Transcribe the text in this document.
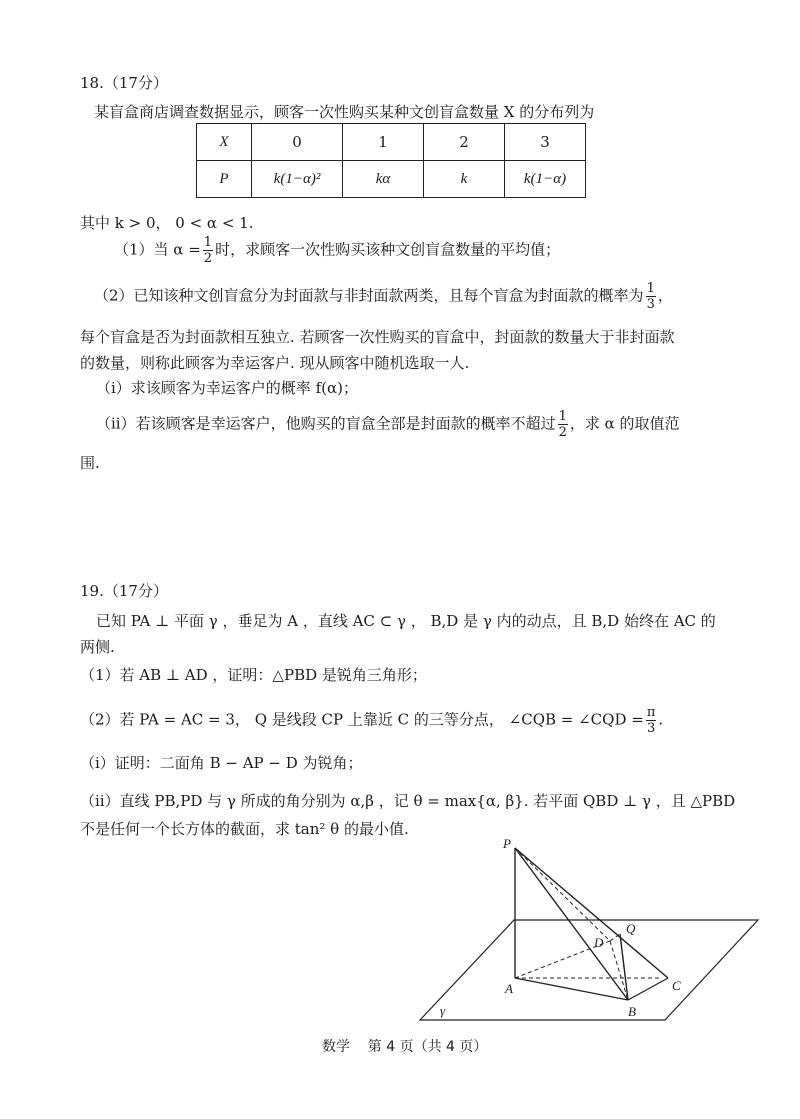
18.（17分）
某盲盒商店调查数据显示，顾客一次性购买某种文创盲盒数量 X 的分布列为
X	0	1	2	3
P	k(1−α)²	kα	k	k(1−α)
其中 k > 0， 0 < α < 1.
（1）当 $\alpha = \frac{1}{2}$ 时，求顾客一次性购买该种文创盲盒数量的平均值；
（2）已知该种文创盲盒分为封面款与非封面款两类，且每个盲盒为封面款的概率为 $\frac{1}{3}$ ，
每个盲盒是否为封面款相互独立. 若顾客一次性购买的盲盒中，封面款的数量大于非封面款
的数量，则称此顾客为幸运客户. 现从顾客中随机选取一人.
（i）求该顾客为幸运客户的概率 f(α)；
（ii）若该顾客是幸运客户，他购买的盲盒全部是封面款的概率不超过 $\frac{1}{2}$ ，求 α 的取值范
围.
19.（17分）
已知 PA ⊥ 平面 γ ，垂足为 A ，直线 AC ⊂ γ ， B,D 是 γ 内的动点，且 B,D 始终在 AC 的
两侧.
（1）若 AB ⊥ AD ，证明：△PBD 是锐角三角形；
（2）若 PA = AC = 3， Q 是线段 CP 上靠近 C 的三等分点， ∠CQB = ∠CQD = $\frac{\pi}{3}$ .
（i）证明：二面角 B − AP − D 为锐角；
（ii）直线 PB,PD 与 γ 所成的角分别为 α,β ，记 θ = max{α, β}. 若平面 QBD ⊥ γ ，且 △PBD
不是任何一个长方体的截面，求 tan² θ 的最小值.
P
Q
D
A
B
C
γ
数学    第 4 页（共 4 页）
